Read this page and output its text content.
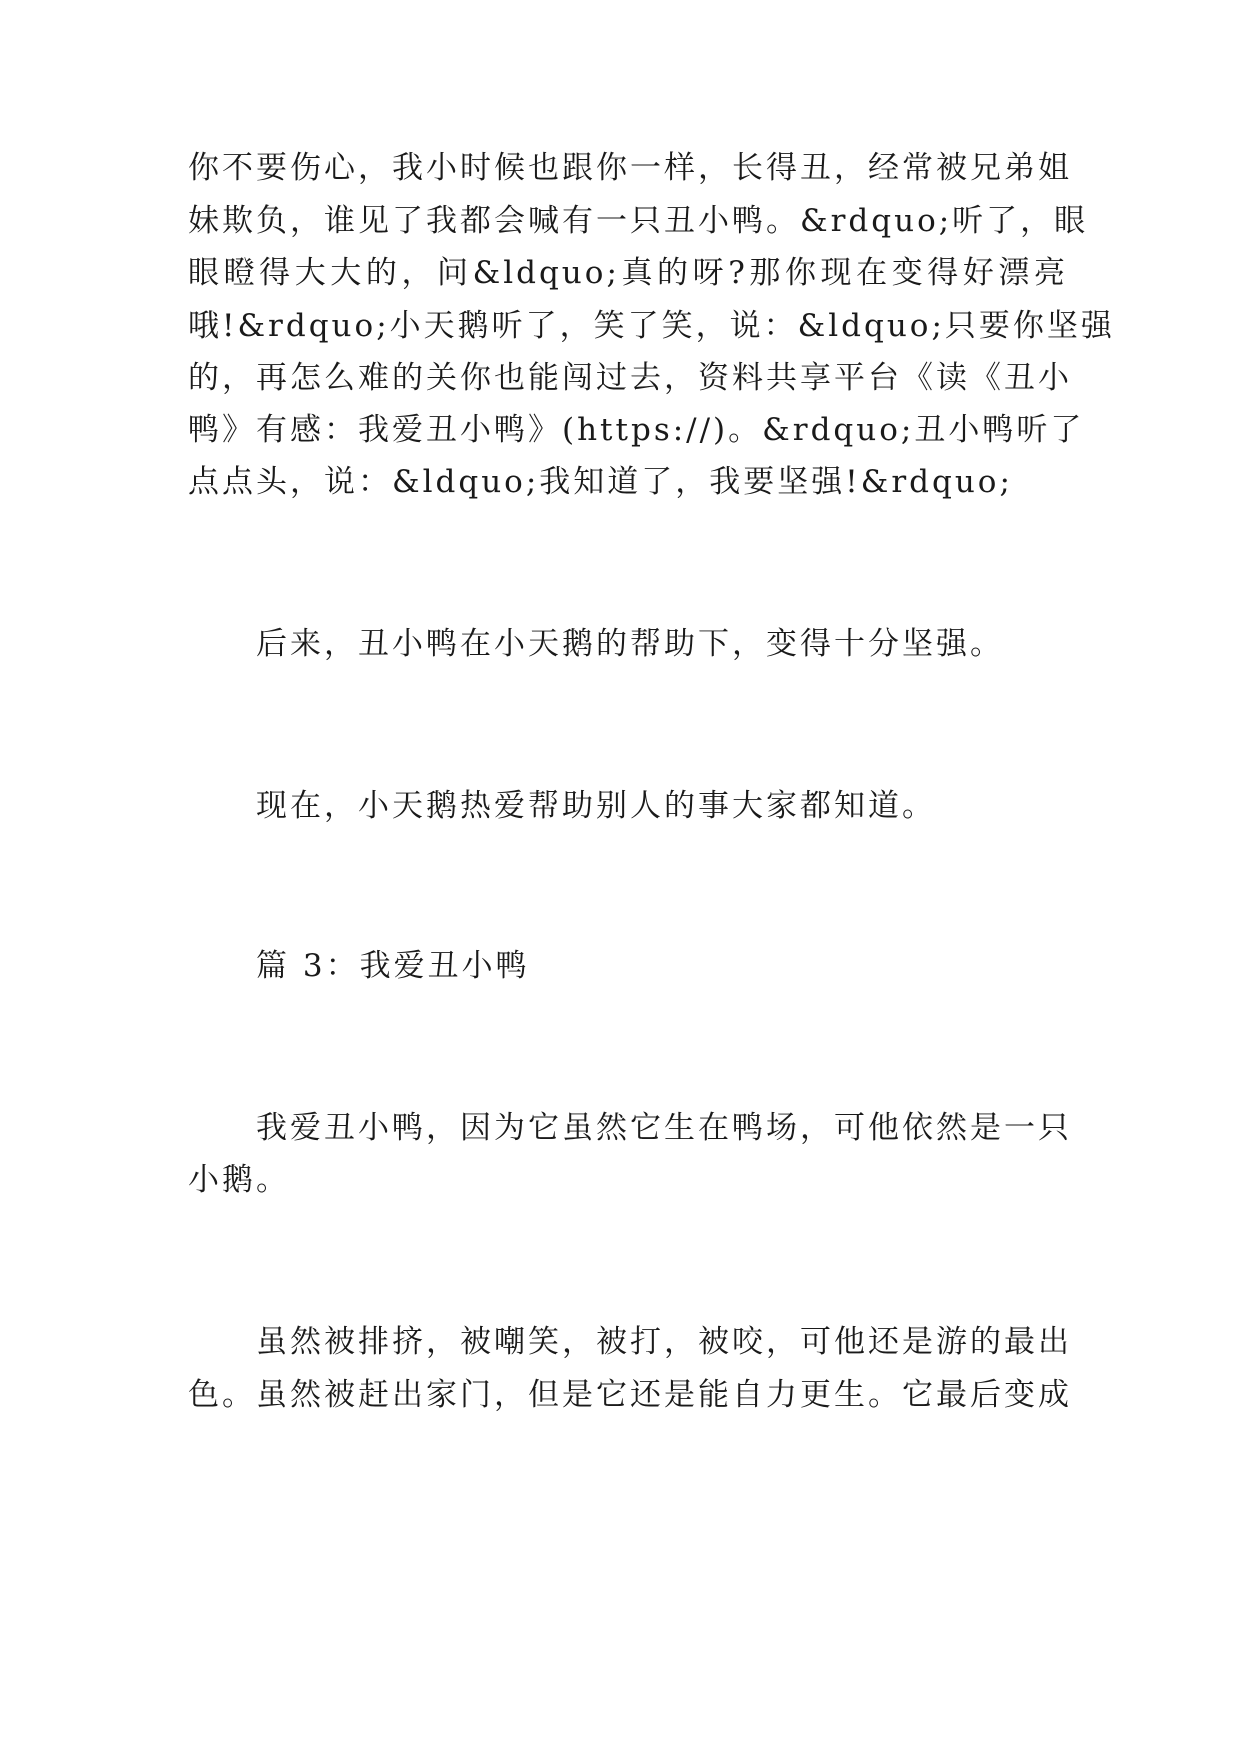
你不要伤心，我小时候也跟你一样，长得丑，经常被兄弟姐
妹欺负，谁见了我都会喊有一只丑小鸭。&rdquo;听了，眼
眼瞪得大大的，问&ldquo;真的呀?那你现在变得好漂亮
哦!&rdquo;小天鹅听了，笑了笑，说：&ldquo;只要你坚强
的，再怎么难的关你也能闯过去，资料共享平台《读《丑小
鸭》有感：我爱丑小鸭》(https://)。&rdquo;丑小鸭听了
点点头，说：&ldquo;我知道了，我要坚强!&rdquo;
后来，丑小鸭在小天鹅的帮助下，变得十分坚强。
现在，小天鹅热爱帮助别人的事大家都知道。
篇 3：我爱丑小鸭
我爱丑小鸭，因为它虽然它生在鸭场，可他依然是一只
小鹅。
虽然被排挤，被嘲笑，被打，被咬，可他还是游的最出
色。虽然被赶出家门，但是它还是能自力更生。它最后变成
